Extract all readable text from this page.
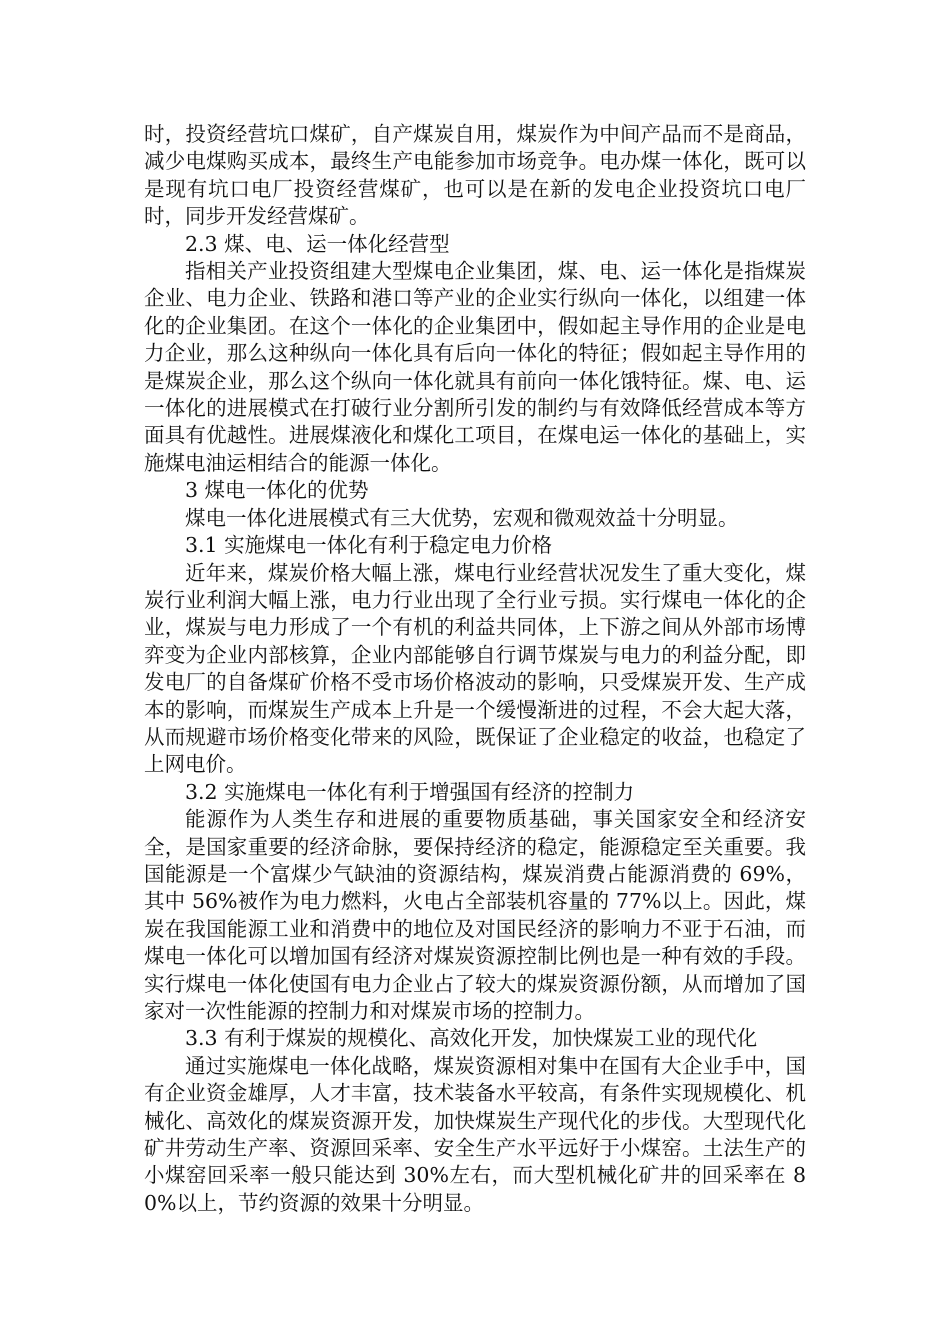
时，投资经营坑口煤矿，自产煤炭自用，煤炭作为中间产品而不是商品，减少电煤购买成本，最终生产电能参加市场竞争。电办煤一体化，既可以是现有坑口电厂投资经营煤矿，也可以是在新的发电企业投资坑口电厂时，同步开发经营煤矿。

2.3 煤、电、运一体化经营型

指相关产业投资组建大型煤电企业集团，煤、电、运一体化是指煤炭企业、电力企业、铁路和港口等产业的企业实行纵向一体化，以组建一体化的企业集团。在这个一体化的企业集团中，假如起主导作用的企业是电力企业，那么这种纵向一体化具有后向一体化的特征；假如起主导作用的是煤炭企业，那么这个纵向一体化就具有前向一体化饿特征。煤、电、运一体化的进展模式在打破行业分割所引发的制约与有效降低经营成本等方面具有优越性。进展煤液化和煤化工项目，在煤电运一体化的基础上，实施煤电油运相结合的能源一体化。

3 煤电一体化的优势

煤电一体化进展模式有三大优势，宏观和微观效益十分明显。

3.1 实施煤电一体化有利于稳定电力价格

近年来，煤炭价格大幅上涨，煤电行业经营状况发生了重大变化，煤炭行业利润大幅上涨，电力行业出现了全行业亏损。实行煤电一体化的企业，煤炭与电力形成了一个有机的利益共同体，上下游之间从外部市场博弈变为企业内部核算，企业内部能够自行调节煤炭与电力的利益分配，即发电厂的自备煤矿价格不受市场价格波动的影响，只受煤炭开发、生产成本的影响，而煤炭生产成本上升是一个缓慢渐进的过程，不会大起大落，从而规避市场价格变化带来的风险，既保证了企业稳定的收益，也稳定了上网电价。

3.2 实施煤电一体化有利于增强国有经济的控制力

能源作为人类生存和进展的重要物质基础，事关国家安全和经济安全，是国家重要的经济命脉，要保持经济的稳定，能源稳定至关重要。我国能源是一个富煤少气缺油的资源结构，煤炭消费占能源消费的 69%，其中 56%被作为电力燃料，火电占全部装机容量的 77%以上。因此，煤炭在我国能源工业和消费中的地位及对国民经济的影响力不亚于石油，而煤电一体化可以增加国有经济对煤炭资源控制比例也是一种有效的手段。实行煤电一体化使国有电力企业占了较大的煤炭资源份额，从而增加了国家对一次性能源的控制力和对煤炭市场的控制力。

3.3 有利于煤炭的规模化、高效化开发，加快煤炭工业的现代化

通过实施煤电一体化战略，煤炭资源相对集中在国有大企业手中，国有企业资金雄厚，人才丰富，技术装备水平较高，有条件实现规模化、机械化、高效化的煤炭资源开发，加快煤炭生产现代化的步伐。大型现代化矿井劳动生产率、资源回采率、安全生产水平远好于小煤窑。土法生产的小煤窑回采率一般只能达到 30%左右，而大型机械化矿井的回采率在 80%以上，节约资源的效果十分明显。
